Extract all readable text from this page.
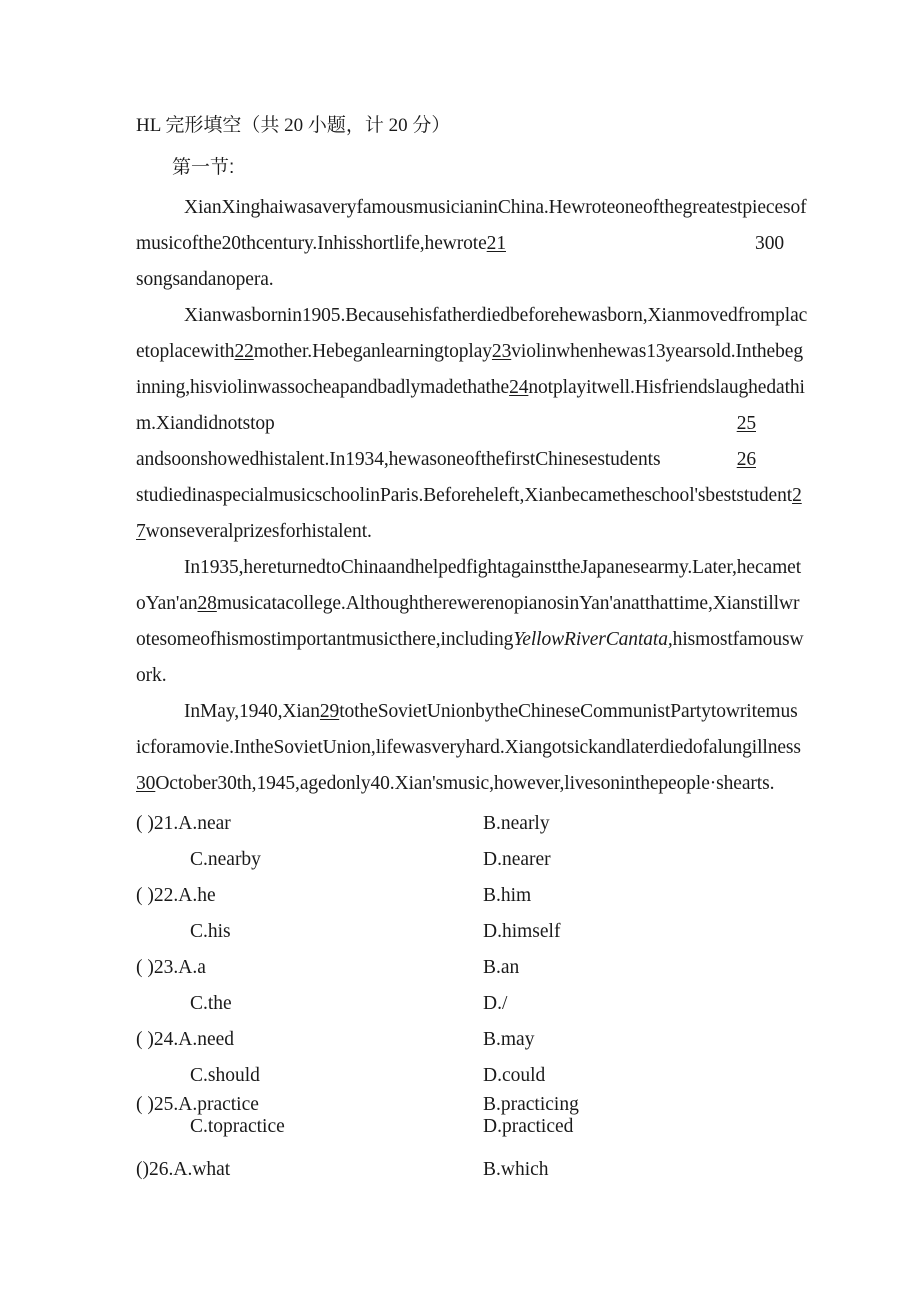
HL 完形填空（共 20 小题，计 20 分）
第一节:
XianXinghaiwasaveryfamousmusicianinChina.Hewroteoneofthegreatestpiecesof
musicofthe20thcentury.Inhisshortlife,hewrote21	300
songsandanopera.
Xianwasbornin1905.Becausehisfatherdiedbeforehewasborn,Xianmovedfromplac
etoplacewith22mother.Hebeganlearningtoplay23violinwhenhewas13yearsold.Inthebeg
inning,hisviolinwassocheapandbadlymadethathe24notplayitwell.Hisfriendslaughedathi
m.Xiandidnotstop	25
andsoonshowedhistalent.In1934,hewasoneofthefirstChinesestudents	26
studiedinaspecialmusicschoolinParis.Beforeheleft,Xianbecametheschool'sbeststudent2
7wonseveralprizesforhistalent.
In1935,hereturnedtoChinaandhelpedfightagainsttheJapanesearmy.Later,hecamet
oYan'an28musicatacollege.AlthoughtherewerenopianosinYan'anatthattime,Xianstillwr
otesomeofhismostimportantmusicthere,includingYellowRiverCantata,hismostfamousw
ork.
InMay,1940,Xian29totheSovietUnionbytheChineseCommunistPartytowritemus
icforamovie.IntheSovietUnion,lifewasveryhard.Xiangotsickandlaterdiedofalungillness
30October30th,1945,agedonly40.Xian'smusic,however,livesoninthepeople·shearts.
( )21.A.near	B.nearly
C.nearby	D.nearer
( )22.A.he	B.him
C.his	D.himself
( )23.A.a	B.an
C.the	D./
( )24.A.need	B.may
C.should	D.could
( )25.A.practice	B.practicing
C.topractice	D.practiced
()26.A.what	B.which
